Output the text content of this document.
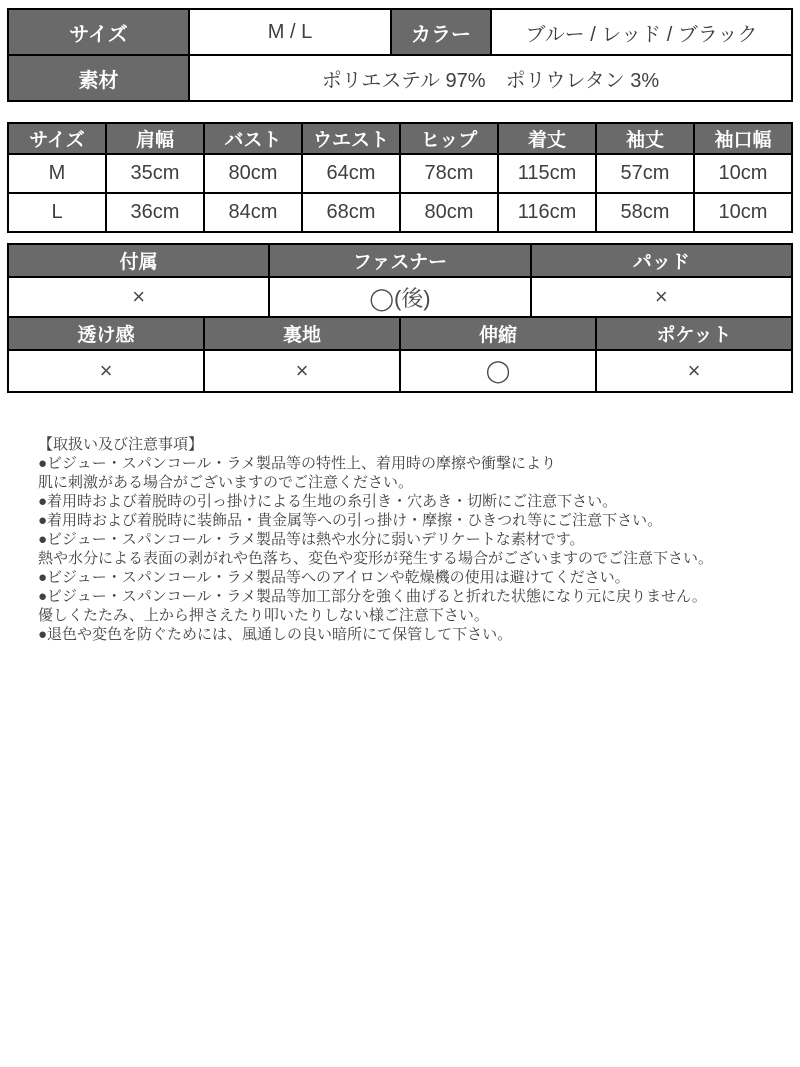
サイズ	M / L	カラー	ブルー / レッド / ブラック
素材	ポリエステル 97%　ポリウレタン 3%		
サイズ	肩幅	バスト	ウエスト	ヒップ	着丈	袖丈	袖口幅
M	35cm	80cm	64cm	78cm	115cm	57cm	10cm
L	36cm	84cm	68cm	80cm	116cm	58cm	10cm
付属	ファスナー	パッド
×	◯(後)	×
透け感	裏地	伸縮	ポケット
×	×	◯	×
【取扱い及び注意事項】
●ビジュー・スパンコール・ラメ製品等の特性上、着用時の摩擦や衝撃により
肌に刺激がある場合がございますのでご注意ください。
●着用時および着脱時の引っ掛けによる生地の糸引き・穴あき・切断にご注意下さい。
●着用時および着脱時に装飾品・貴金属等への引っ掛け・摩擦・ひきつれ等にご注意下さい。
●ビジュー・スパンコール・ラメ製品等は熱や水分に弱いデリケートな素材です。
熱や水分による表面の剥がれや色落ち、変色や変形が発生する場合がございますのでご注意下さい。
●ビジュー・スパンコール・ラメ製品等へのアイロンや乾燥機の使用は避けてください。
●ビジュー・スパンコール・ラメ製品等加工部分を強く曲げると折れた状態になり元に戻りません。
優しくたたみ、上から押さえたり叩いたりしない様ご注意下さい。
●退色や変色を防ぐためには、風通しの良い暗所にて保管して下さい。
